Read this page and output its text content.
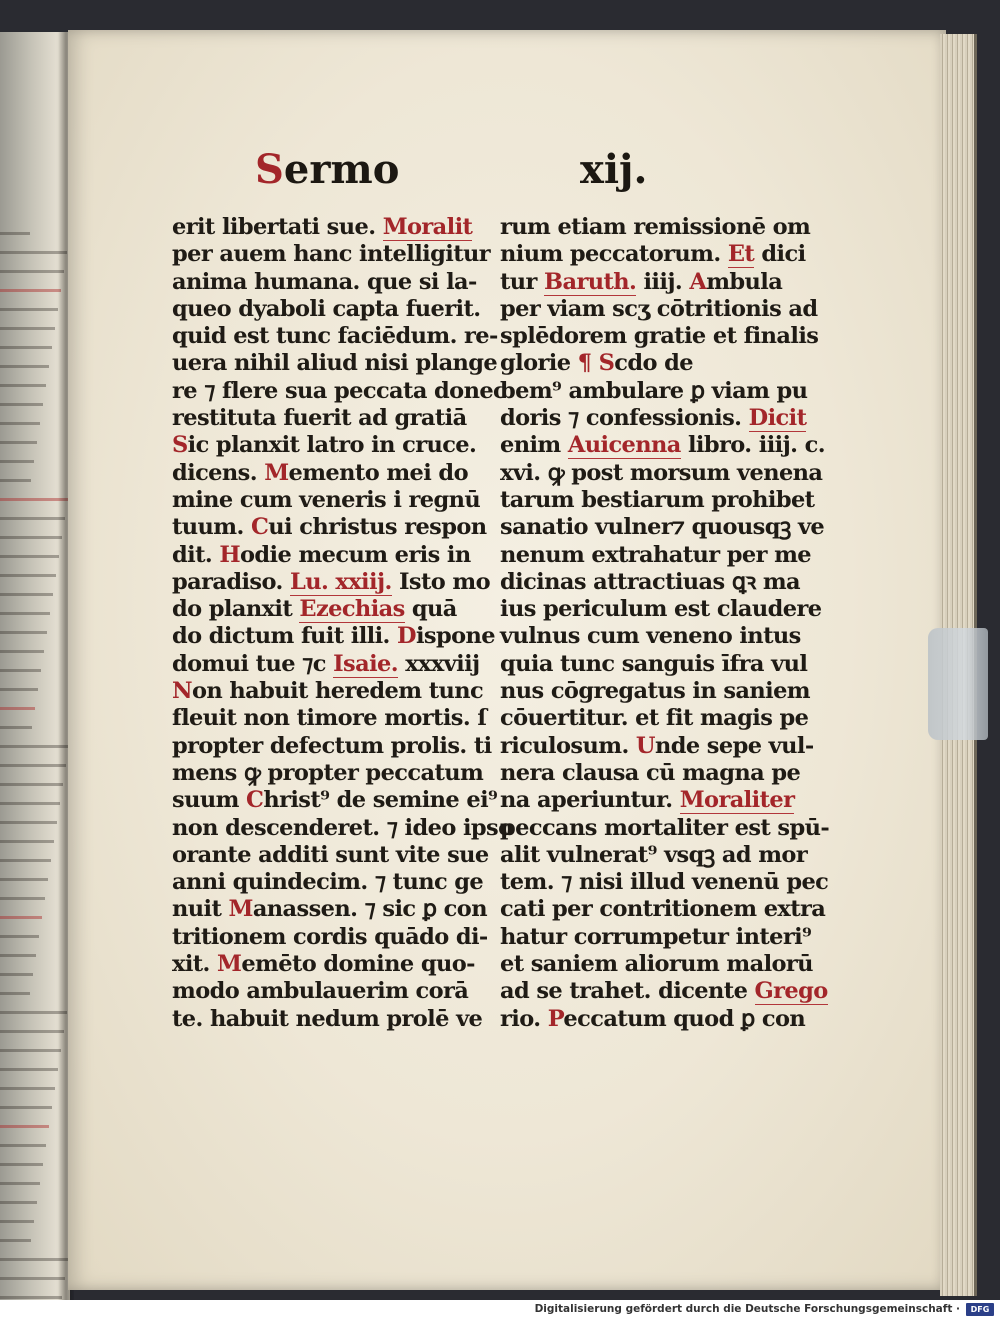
Sermo	xij.
erit libertati sue. Moralit
per auem hanc intelligitur
anima humana. que si la-
queo dyaboli capta fuerit.
quid est tunc faciēdum. re-
uera nihil aliud nisi plange
re ⁊ flere sua peccata donec
restituta fuerit ad gratiā
Sic planxit latro in cruce.
dicens. Memento mei do
mine cum veneris i regnū
tuum. Cui christus respon
dit. Hodie mecum eris in
paradiso. Lu. xxiij. Isto mo
do planxit Ezechias quā
do dictum fuit illi. Dispone
domui tue ⁊c Isaie. xxxviij
Non habuit heredem tunc
fleuit non timore mortis. ſ
propter defectum prolis. ti
mens ꝙ propter peccatum
suum Christ⁹ de semine ei⁹
non descenderet. ⁊ ideo ipso
orante additi sunt vite sue
anni quindecim. ⁊ tunc ge
nuit Manassen. ⁊ sic ꝑ con
tritionem cordis quādo di-
xit. Memēto domine quo-
modo ambulauerim corā
te. habuit nedum prolē ve
rum etiam remissionē om
nium peccatorum. Et dici
tur Baruth. iiij. Ambula
per viam scʒ cōtritionis ad
splēdorem gratie et finalis
glorie ¶ Scdo de
bem⁹ ambulare ꝑ viam pu
doris ⁊ confessionis. Dicit
enim Auicenna libro. iiij. c.
xvi. ꝙ post morsum venena
tarum bestiarum prohibet
sanatio vulner⁊ quousqꝫ ve
nenum extrahatur per me
dicinas attractiuas ꝗꝛ ma
ius periculum est claudere
vulnus cum veneno intus
quia tunc sanguis īfra vul
nus cōgregatus in saniem
cōuertitur. et fit magis pe
riculosum. Unde sepe vul-
nera clausa cū magna pe
na aperiuntur. Moraliter
peccans mortaliter est spū-
alit vulnerat⁹ vsqꝫ ad mor
tem. ⁊ nisi illud venenū pec
cati per contritionem extra
hatur corrumpetur interi⁹
et saniem aliorum malorū
ad se trahet. dicente Grego
rio. Peccatum quod ꝑ con
Digitalisierung gefördert durch die Deutsche Forschungsgemeinschaft ·	DFG
